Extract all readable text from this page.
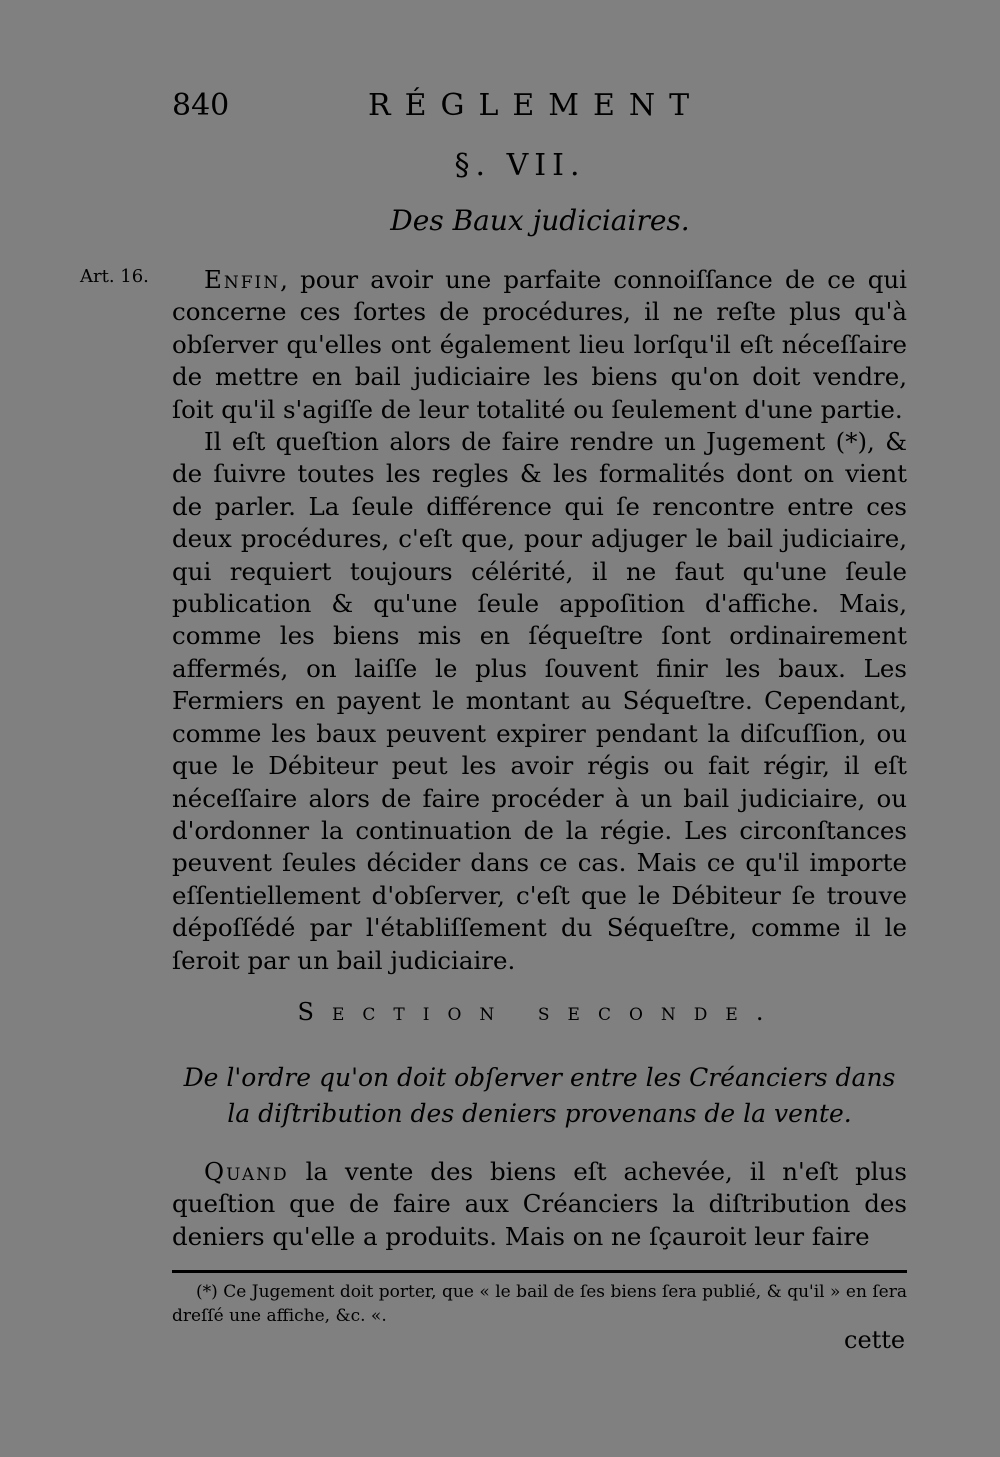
840	RÉGLEMENT
§. VII.
Des Baux judiciaires.
Art. 16.	Enfin, pour avoir une parfaite connoiſſance de ce qui concerne ces ſortes de procédures, il ne reſte plus qu'à obſerver qu'elles ont également lieu lorſqu'il eſt néceſſaire de mettre en bail judiciaire les biens qu'on doit vendre, ſoit qu'il s'agiſſe de leur totalité ou ſeulement d'une partie.

Il eſt queſtion alors de faire rendre un Jugement (*), & de ſuivre toutes les regles & les formalités dont on vient de parler. La ſeule différence qui ſe rencontre entre ces deux procédures, c'eſt que, pour adjuger le bail judiciaire, qui requiert toujours célérité, il ne faut qu'une ſeule publication & qu'une ſeule appoſition d'affiche. Mais, comme les biens mis en ſéqueſtre ſont ordinairement affermés, on laiſſe le plus ſouvent finir les baux. Les Fermiers en payent le montant au Séqueſtre. Cependant, comme les baux peuvent expirer pendant la diſcuſſion, ou que le Débiteur peut les avoir régis ou fait régir, il eſt néceſſaire alors de faire procéder à un bail judiciaire, ou d'ordonner la continuation de la régie. Les circonſtances peuvent ſeules décider dans ce cas. Mais ce qu'il importe eſſentiellement d'obſerver, c'eſt que le Débiteur ſe trouve dépoſſédé par l'établiſſement du Séqueſtre, comme il le ſeroit par un bail judiciaire.

Section seconde.
De l'ordre qu'on doit obſerver entre les Créanciers dans la diſtribution des deniers provenans de la vente.

Quand la vente des biens eſt achevée, il n'eſt plus queſtion que de faire aux Créanciers la diſtribution des deniers qu'elle a produits. Mais on ne ſçauroit leur faire

(*) Ce Jugement doit porter, que « le bail de ſes biens ſera publié, & qu'il » en ſera dreſſé une affiche, &c. «.
cette
